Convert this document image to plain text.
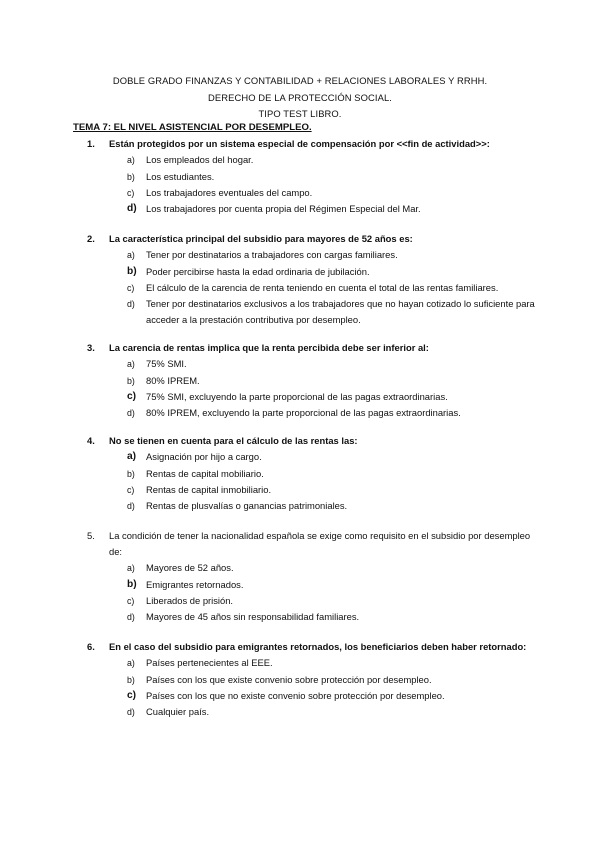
DOBLE GRADO FINANZAS Y CONTABILIDAD + RELACIONES LABORALES Y RRHH.
DERECHO DE LA PROTECCIÓN SOCIAL.
TIPO TEST LIBRO.
TEMA 7: EL NIVEL ASISTENCIAL POR DESEMPLEO.
1.	Están protegidos por un sistema especial de compensación por <<fin de actividad>>:
a)	Los empleados del hogar.
b)	Los estudiantes.
c)	Los trabajadores eventuales del campo.
d) Los trabajadores por cuenta propia del Régimen Especial del Mar.
2.	La característica principal del subsidio para mayores de 52 años es:
a)	Tener por destinatarios a trabajadores con cargas familiares.
b) Poder percibirse hasta la edad ordinaria de jubilación.
c)	El cálculo de la carencia de renta teniendo en cuenta el total de las rentas familiares.
d)	Tener por destinatarios exclusivos a los trabajadores que no hayan cotizado lo suficiente para acceder a la prestación contributiva por desempleo.
3.	La carencia de rentas implica que la renta percibida debe ser inferior al:
a)	75% SMI.
b)	80% IPREM.
c)	75% SMI, excluyendo la parte proporcional de las pagas extraordinarias.
d)	80% IPREM, excluyendo la parte proporcional de las pagas extraordinarias.
4.	No se tienen en cuenta para el cálculo de las rentas las:
a)	Asignación por hijo a cargo.
b)	Rentas de capital mobiliario.
c)	Rentas de capital inmobiliario.
d)	Rentas de plusvalías o ganancias patrimoniales.
5.	La condición de tener la nacionalidad española se exige como requisito en el subsidio por desempleo de:
a)	Mayores de 52 años.
b) Emigrantes retornados.
c)	Liberados de prisión.
d)	Mayores de 45 años sin responsabilidad familiares.
6.	En el caso del subsidio para emigrantes retornados, los beneficiarios deben haber retornado:
a)	Países pertenecientes al EEE.
b)	Países con los que existe convenio sobre protección por desempleo.
c)	Países con los que no existe convenio sobre protección por desempleo.
d)	Cualquier país.
